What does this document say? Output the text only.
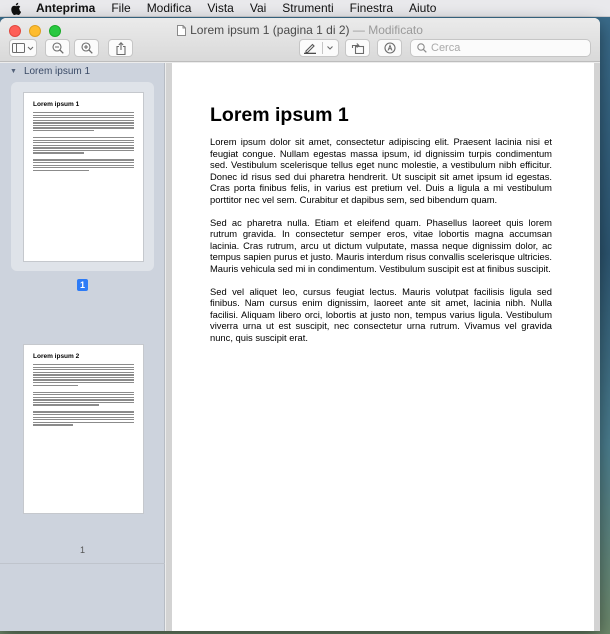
Anteprima	File	Modifica	Vista	Vai	Strumenti	Finestra	Aiuto
Lorem ipsum 1 (pagina 1 di 2) — Modificato
Cerca
▼ Lorem ipsum 1
Lorem ipsum 1
1
Lorem ipsum 2
1
Lorem ipsum 1

Lorem ipsum dolor sit amet, consectetur adipiscing elit. Praesent lacinia nisi et feugiat congue. Nullam egestas massa ipsum, id dignissim turpis condimentum sed. Vestibulum scelerisque tellus eget nunc molestie, a vestibulum nibh efficitur. Donec id risus sed dui pharetra hendrerit. Ut suscipit sit amet ipsum id egestas. Cras porta finibus felis, in varius est pretium vel. Duis a ligula a mi vestibulum porttitor nec vel sem. Curabitur et dapibus sem, sed bibendum quam.

Sed ac pharetra nulla. Etiam et eleifend quam. Phasellus laoreet quis lorem rutrum gravida. In consectetur semper eros, vitae lobortis magna accumsan lacinia. Cras rutrum, arcu ut dictum vulputate, massa neque dignissim dolor, ac tempus sapien purus et justo. Mauris interdum risus convallis scelerisque ultricies. Mauris vehicula sed mi in condimentum. Vestibulum suscipit est at finibus suscipit.

Sed vel aliquet leo, cursus feugiat lectus. Mauris volutpat facilisis ligula sed finibus. Nam cursus enim dignissim, laoreet ante sit amet, lacinia nibh. Nulla facilisi. Aliquam libero orci, lobortis at justo non, tempus varius ligula. Vestibulum viverra urna ut est suscipit, nec consectetur urna rutrum. Vivamus vel gravida nunc, quis suscipit erat.
